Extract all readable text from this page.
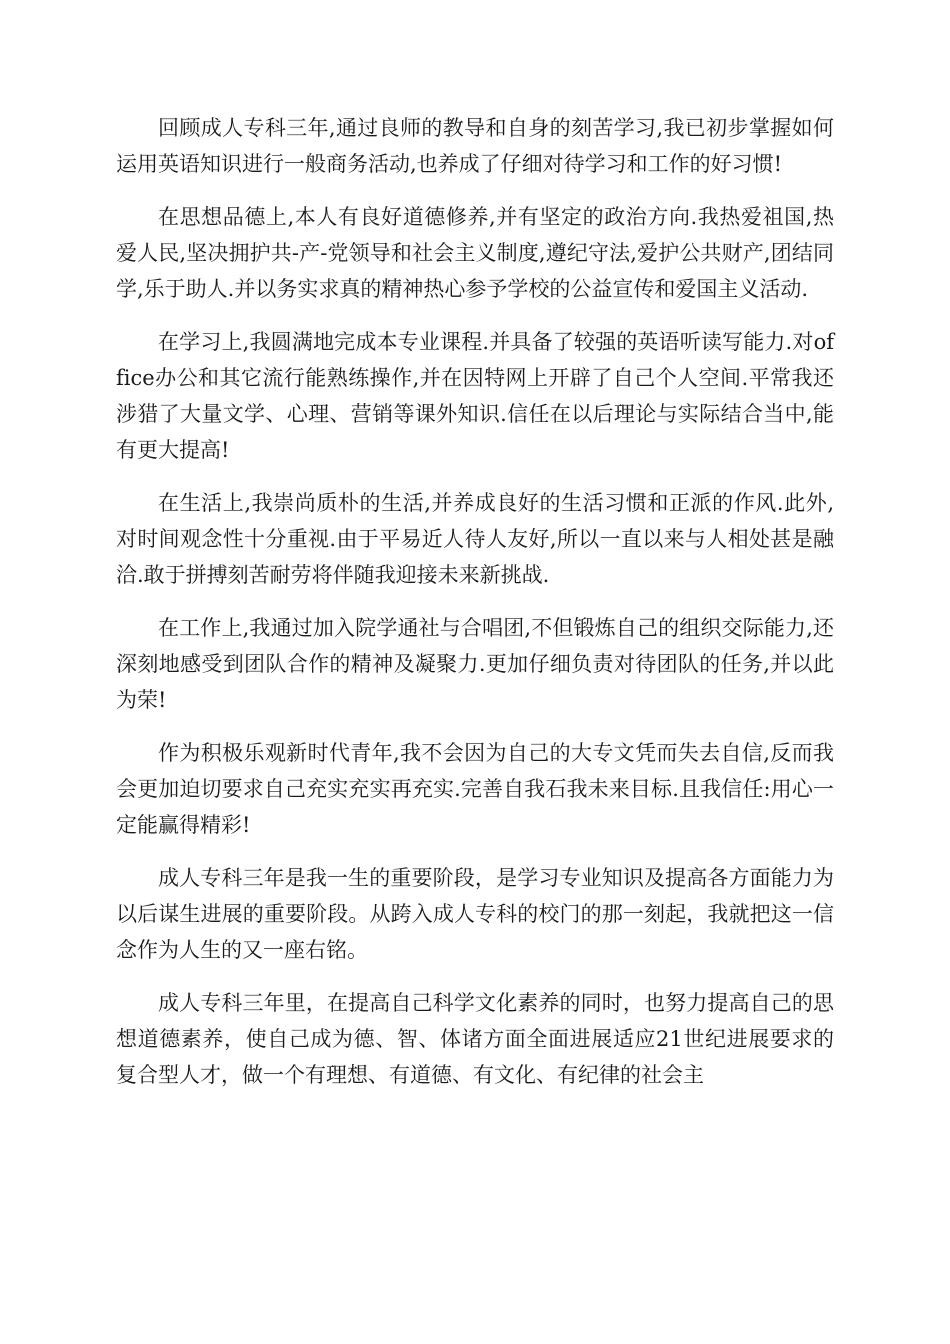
回顾成人专科三年,通过良师的教导和自身的刻苦学习,我已初步掌握如何运用英语知识进行一般商务活动,也养成了仔细对待学习和工作的好习惯!

在思想品德上,本人有良好道德修养,并有坚定的政治方向.我热爱祖国,热爱人民,坚决拥护共-产-党领导和社会主义制度,遵纪守法,爱护公共财产,团结同学,乐于助人.并以务实求真的精神热心参予学校的公益宣传和爱国主义活动.

在学习上,我圆满地完成本专业课程.并具备了较强的英语听读写能力.对office办公和其它流行能熟练操作,并在因特网上开辟了自己个人空间.平常我还涉猎了大量文学、心理、营销等课外知识.信任在以后理论与实际结合当中,能有更大提高!

在生活上,我崇尚质朴的生活,并养成良好的生活习惯和正派的作风.此外,对时间观念性十分重视.由于平易近人待人友好,所以一直以来与人相处甚是融洽.敢于拼搏刻苦耐劳将伴随我迎接未来新挑战.

在工作上,我通过加入院学通社与合唱团,不但锻炼自己的组织交际能力,还深刻地感受到团队合作的精神及凝聚力.更加仔细负责对待团队的任务,并以此为荣!

作为积极乐观新时代青年,我不会因为自己的大专文凭而失去自信,反而我会更加迫切要求自己充实充实再充实.完善自我石我未来目标.且我信任:用心一定能赢得精彩!

成人专科三年是我一生的重要阶段，是学习专业知识及提高各方面能力为以后谋生进展的重要阶段。从跨入成人专科的校门的那一刻起，我就把这一信念作为人生的又一座右铭。

成人专科三年里，在提高自己科学文化素养的同时，也努力提高自己的思想道德素养，使自己成为德、智、体诸方面全面进展适应21世纪进展要求的复合型人才，做一个有理想、有道德、有文化、有纪律的社会主
